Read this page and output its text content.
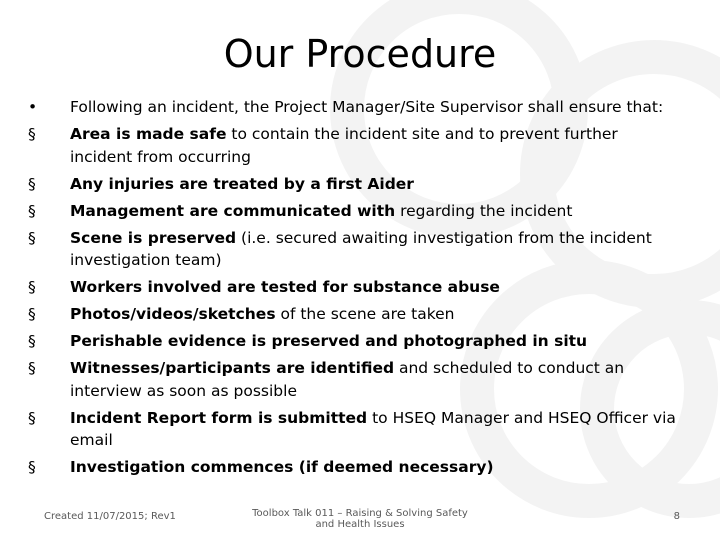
Our Procedure
•	Following an incident, the Project Manager/Site Supervisor shall ensure that:
§	Area is made safe to contain the incident site and to prevent further incident from occurring
§	Any injuries are treated by a first Aider
§	Management are communicated with regarding the incident
§	Scene is preserved (i.e. secured awaiting investigation from the incident investigation team)
§	Workers involved are tested for substance abuse
§	Photos/videos/sketches of the scene are taken
§	Perishable evidence is preserved and photographed in situ
§	Witnesses/participants are identified and scheduled to conduct an interview as soon as possible
§	Incident Report form is submitted to HSEQ Manager and HSEQ Officer via email
§	Investigation commences (if deemed necessary)
Created 11/07/2015; Rev1	Toolbox Talk 011 – Raising & Solving Safety and Health Issues
8
